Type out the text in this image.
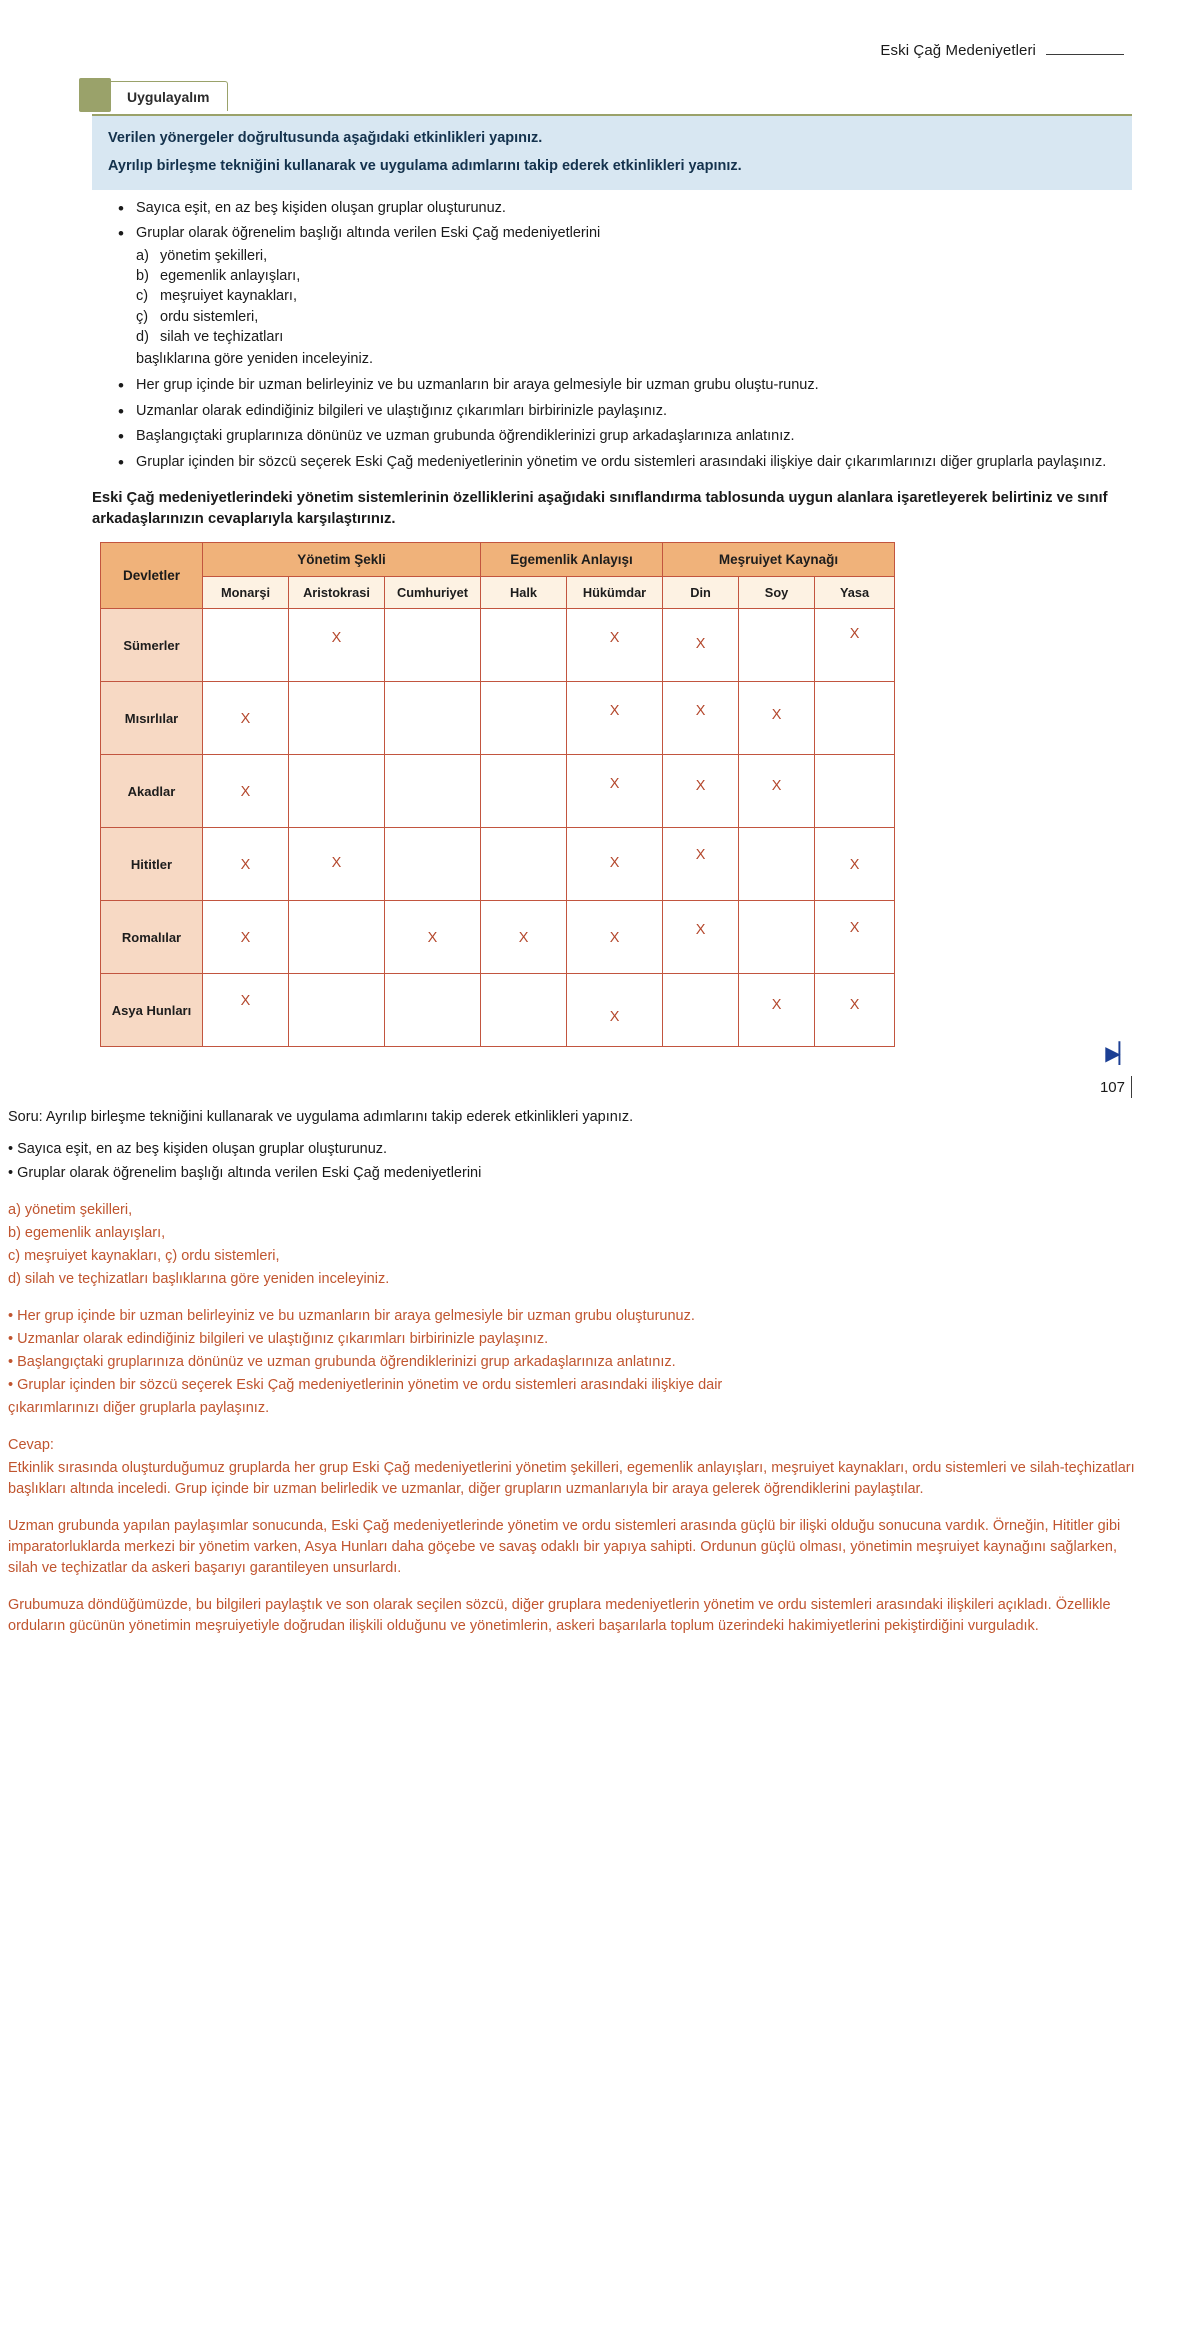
Eski Çağ Medeniyetleri
Uygulayalım

Verilen yönergeler doğrultusunda aşağıdaki etkinlikleri yapınız.

Ayrılıp birleşme tekniğini kullanarak ve uygulama adımlarını takip ederek etkinlikleri yapınız.

• Sayıca eşit, en az beş kişiden oluşan gruplar oluşturunuz.
• Gruplar olarak öğrenelim başlığı altında verilen Eski Çağ medeniyetlerini
a) yönetim şekilleri,
b) egemenlik anlayışları,
c) meşruiyet kaynakları,
ç) ordu sistemleri,
d) silah ve teçhizatları
başlıklarına göre yeniden inceleyiniz.
• Her grup içinde bir uzman belirleyiniz ve bu uzmanların bir araya gelmesiyle bir uzman grubu oluştu-runuz.
• Uzmanlar olarak edindiğiniz bilgileri ve ulaştığınız çıkarımları birbirinizle paylaşınız.
• Başlangıçtaki gruplarınıza dönünüz ve uzman grubunda öğrendiklerinizi grup arkadaşlarınıza anlatınız.
• Gruplar içinden bir sözcü seçerek Eski Çağ medeniyetlerinin yönetim ve ordu sistemleri arasındaki ilişkiye dair çıkarımlarınızı diğer gruplarla paylaşınız.
Eski Çağ medeniyetlerindeki yönetim sistemlerinin özelliklerini aşağıdaki sınıflandırma tablosunda uygun alanlara işaretleyerek belirtiniz ve sınıf arkadaşlarınızın cevaplarıyla karşılaştırınız.
Devletler	Yönetim Şekli			Egemenlik Anlayışı		Meşruiyet Kaynağı		
	Monarşi	Aristokrasi	Cumhuriyet	Halk	Hükümdar	Din	Soy	Yasa
Sümerler		X			X	X		X
Mısırlılar	X				X	X	X	
Akadlar	X				X	X	X	
Hititler	X	X			X	X		X
Romalılar	X		X	X	X	X		X
Asya Hunları	X				X		X	X
▶▏
107

Soru: Ayrılıp birleşme tekniğini kullanarak ve uygulama adımlarını takip ederek etkinlikleri yapınız.

• Sayıca eşit, en az beş kişiden oluşan gruplar oluşturunuz.

• Gruplar olarak öğrenelim başlığı altında verilen Eski Çağ medeniyetlerini

a) yönetim şekilleri,

b) egemenlik anlayışları,

c) meşruiyet kaynakları, ç) ordu sistemleri,

d) silah ve teçhizatları başlıklarına göre yeniden inceleyiniz.

• Her grup içinde bir uzman belirleyiniz ve bu uzmanların bir araya gelmesiyle bir uzman grubu oluşturunuz.

• Uzmanlar olarak edindiğiniz bilgileri ve ulaştığınız çıkarımları birbirinizle paylaşınız.

• Başlangıçtaki gruplarınıza dönünüz ve uzman grubunda öğrendiklerinizi grup arkadaşlarınıza anlatınız.

• Gruplar içinden bir sözcü seçerek Eski Çağ medeniyetlerinin yönetim ve ordu sistemleri arasındaki ilişkiye dair

çıkarımlarınızı diğer gruplarla paylaşınız.

Cevap:

Etkinlik sırasında oluşturduğumuz gruplarda her grup Eski Çağ medeniyetlerini yönetim şekilleri, egemenlik anlayışları, meşruiyet kaynakları, ordu sistemleri ve silah-teçhizatları başlıkları altında inceledi. Grup içinde bir uzman belirledik ve uzmanlar, diğer grupların uzmanlarıyla bir araya gelerek öğrendiklerini paylaştılar.

Uzman grubunda yapılan paylaşımlar sonucunda, Eski Çağ medeniyetlerinde yönetim ve ordu sistemleri arasında güçlü bir ilişki olduğu sonucuna vardık. Örneğin, Hititler gibi imparatorluklarda merkezi bir yönetim varken, Asya Hunları daha göçebe ve savaş odaklı bir yapıya sahipti. Ordunun güçlü olması, yönetimin meşruiyet kaynağını sağlarken, silah ve teçhizatlar da askeri başarıyı garantileyen unsurlardı.

Grubumuza döndüğümüzde, bu bilgileri paylaştık ve son olarak seçilen sözcü, diğer gruplara medeniyetlerin yönetim ve ordu sistemleri arasındaki ilişkileri açıkladı. Özellikle orduların gücünün yönetimin meşruiyetiyle doğrudan ilişkili olduğunu ve yönetimlerin, askeri başarılarla toplum üzerindeki hakimiyetlerini pekiştirdiğini vurguladık.
